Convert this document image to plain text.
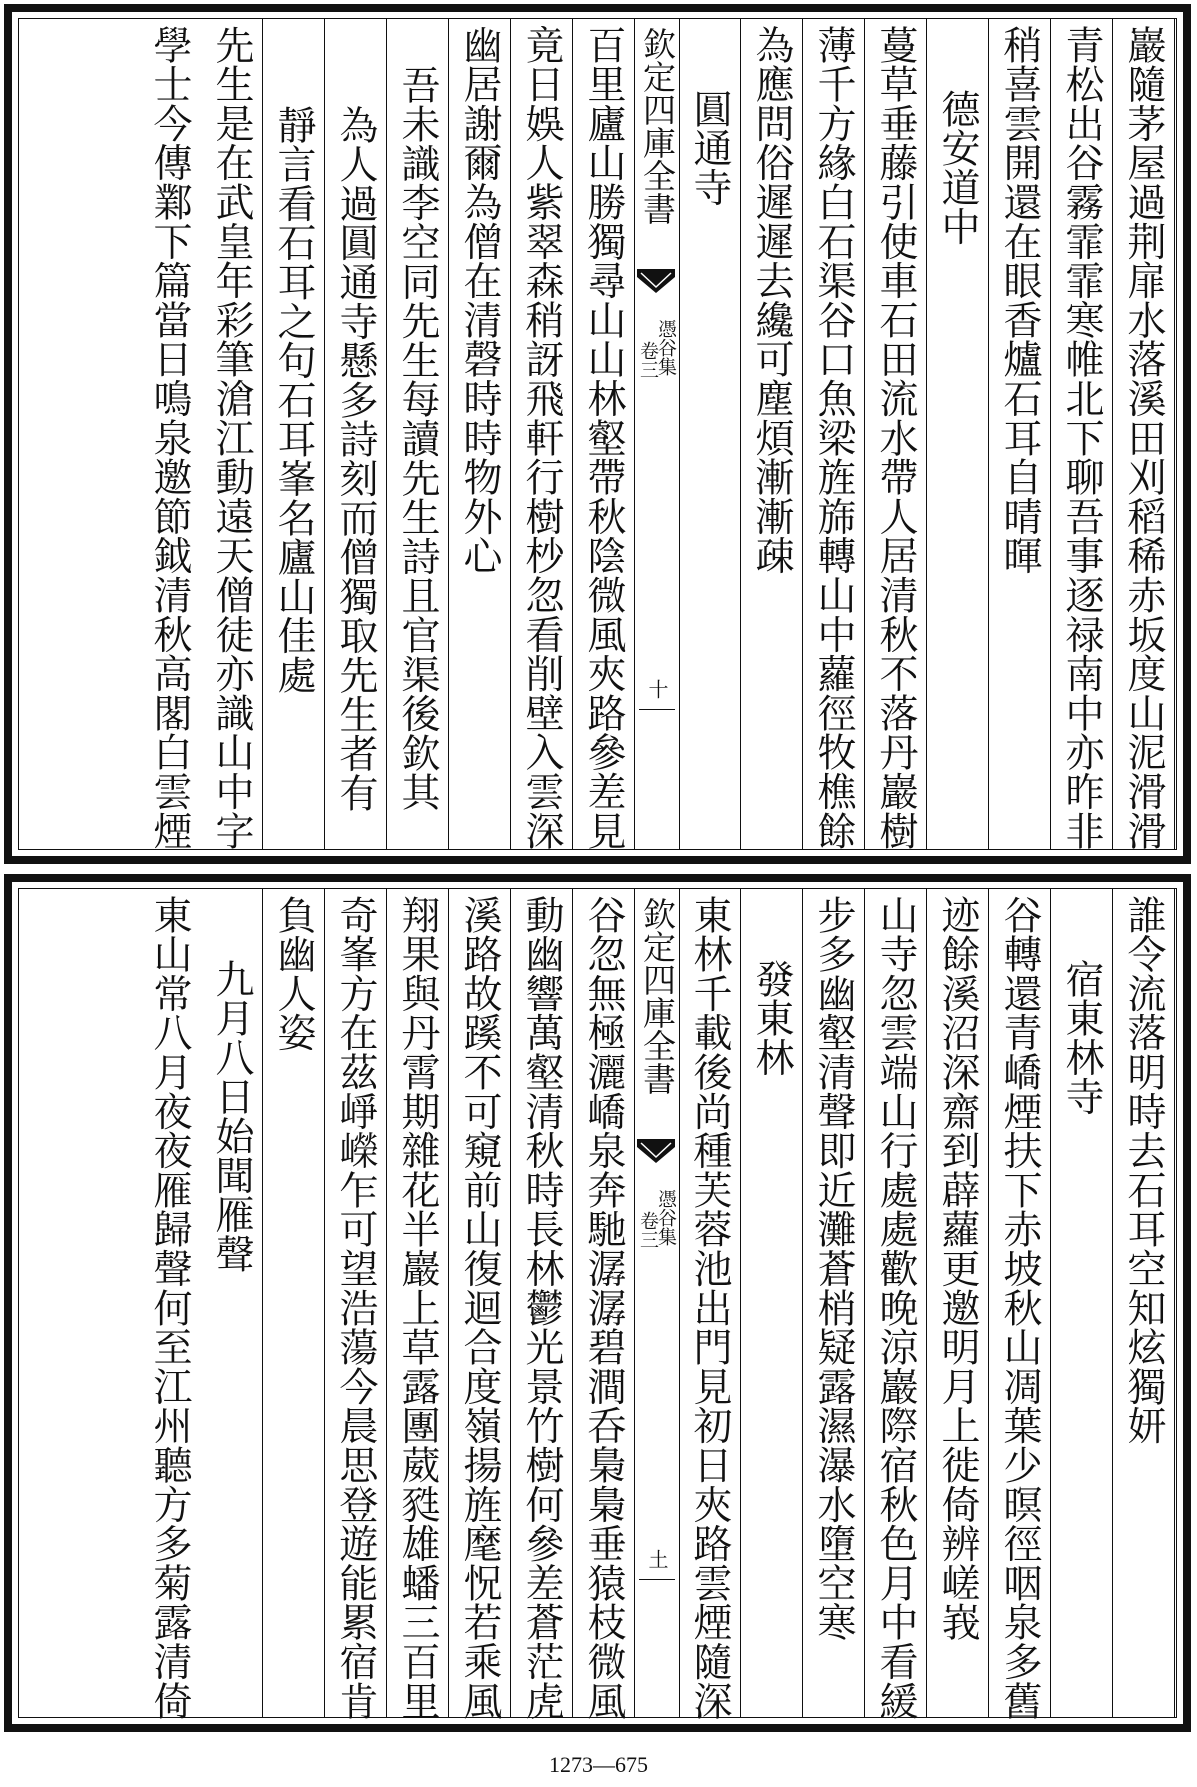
巖隨茅屋過荆扉水落溪田刈稻稀赤坂度山泥滑滑
青松出谷霧霏霏寒帷北下聊吾事逐禄南中亦昨非
稍喜雲開還在眼香爐石耳自晴暉
德安道中
蔓草垂藤引使車石田流水帶人居清秋不落丹巖樹
薄千方緣白石渠谷口魚梁旌旆轉山中蘿徑牧樵餘
為應問俗遲遲去纔可塵煩漸漸疎
圓通寺
欽定四庫全書
憑谷集
卷三
十
百里廬山勝獨尋山山林壑帶秋陰微風夾路參差見
竟日娛人紫翠森稍訝飛軒行樹杪忽看削壁入雲深
幽居謝爾為僧在清磬時時物外心
吾未識李空同先生每讀先生詩且官渠後欽其
為人過圓通寺懸多詩刻而僧獨取先生者有
靜言看石耳之句石耳峯名廬山佳處
先生是在武皇年彩筆滄江動遠天僧徒亦識山中字
學士今傳鄴下篇當日鳴泉邀節鉞清秋高閣白雲煙
誰令流落明時去石耳空知炫獨妍
宿東林寺
谷轉還青嶠煙扶下赤坡秋山凋葉少暝徑咽泉多舊
迹餘溪沼深齋到薜蘿更邀明月上徙倚辨嵯峩
山寺忽雲端山行處處歡晚涼巖際宿秋色月中看緩
步多幽壑清聲即近灘蒼梢疑露濕瀑水墮空寒
發東林
東林千載後尚種芙蓉池出門見初日夾路雲煙隨深
欽定四庫全書
憑谷集
卷三
土
谷忽無極灑嶠泉奔馳潺潺碧澗呑梟梟垂猿枝微風
動幽響萬壑清秋時長林鬱光景竹樹何參差蒼茫虎
溪路故蹊不可窺前山復迴合度嶺揚旌麾怳若乘風
翔果與丹霄期雜花半巖上草露團葳甤雄蟠三百里
奇峯方在茲崢嶸乍可望浩蕩今晨思登遊能累宿肯
負幽人姿
九月八日始聞雁聲
東山常八月夜夜雁歸聲何至江州聽方多菊露清倚
1273—675
